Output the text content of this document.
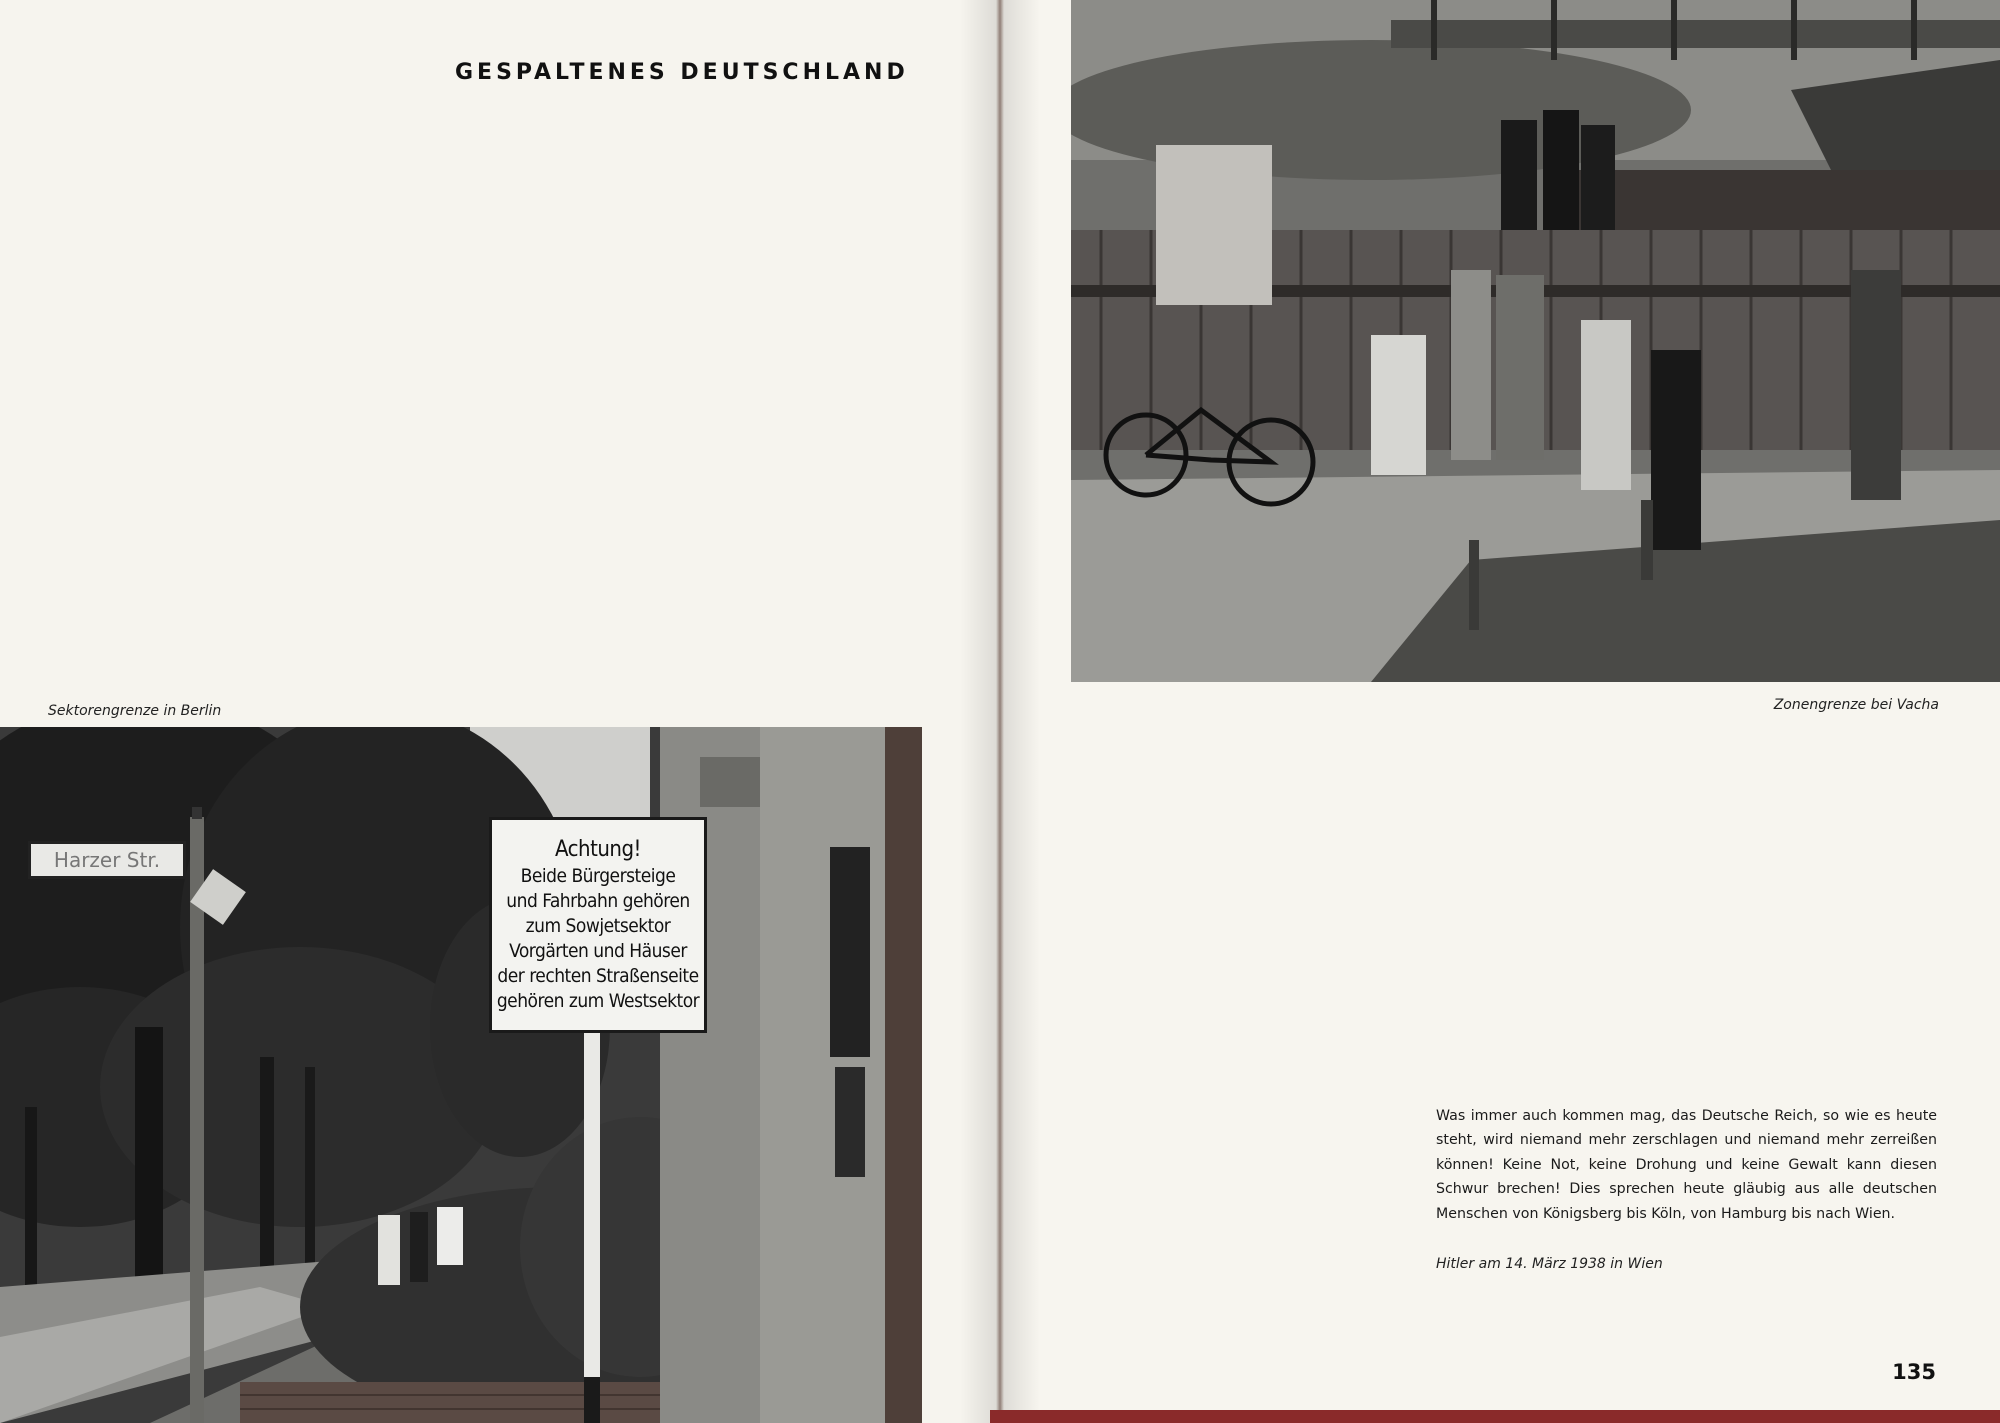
GESPALTENES DEUTSCHLAND
Sektorengrenze in Berlin
Harzer Str.	Achtung!
Beide Bürgersteige
und Fahrbahn gehören
zum Sowjetsektor
Vorgärten und Häuser
der rechten Straßenseite
gehören zum Westsektor
Zonengrenze bei Vacha

Was immer auch kommen mag, das Deutsche Reich, so wie es heute steht, wird niemand mehr zerschlagen und niemand mehr zerreißen können! Keine Not, keine Drohung und keine Gewalt kann diesen Schwur brechen! Dies sprechen heute gläubig aus alle deutschen Menschen von Königsberg bis Köln, von Hamburg bis nach Wien.

Hitler am 14. März 1938 in Wien
135
